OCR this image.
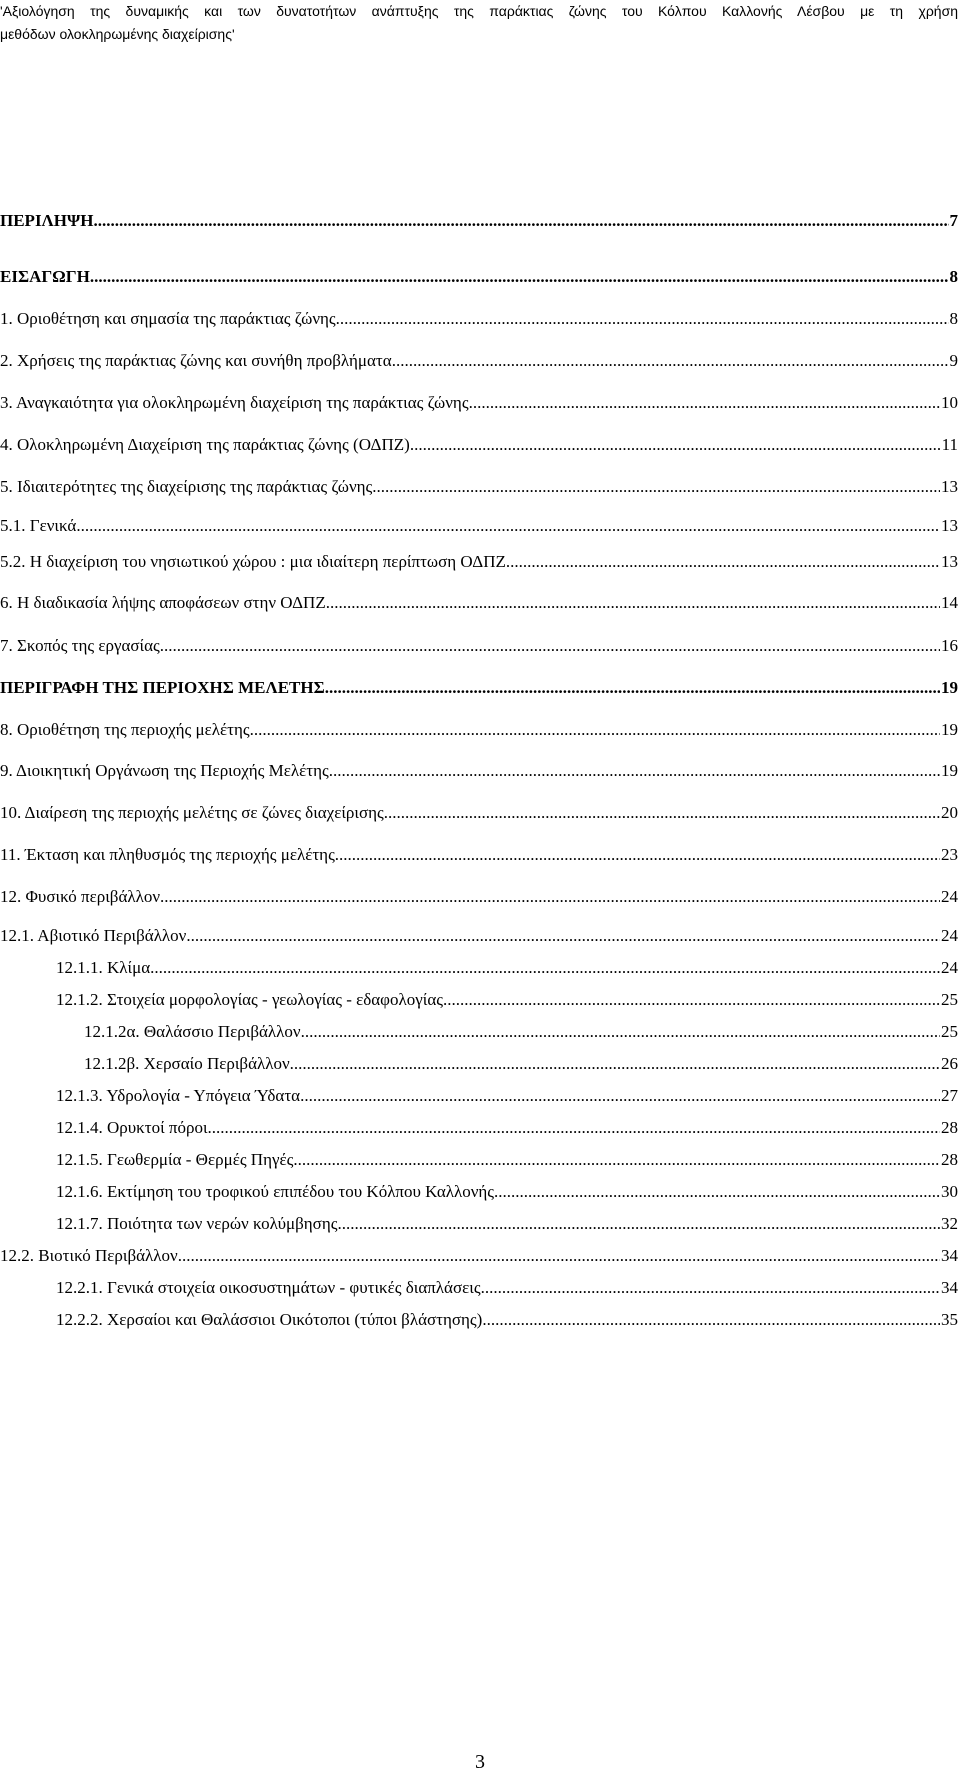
'Αξιολόγηση της δυναμικής και των δυνατοτήτων ανάπτυξης της παράκτιας ζώνης του Κόλπου Καλλονής Λέσβου με τη χρήση
μεθόδων ολοκληρωμένης διαχείρισης'
ΠΕΡΙΛΗΨΗ .....	7
ΕΙΣΑΓΩΓΗ .....	8
1. Οριοθέτηση και σημασία της παράκτιας ζώνης .....	8
2. Χρήσεις της παράκτιας ζώνης και συνήθη προβλήματα .....	9
3. Αναγκαιότητα για ολοκληρωμένη διαχείριση της παράκτιας ζώνης .....	10
4. Ολοκληρωμένη Διαχείριση της παράκτιας ζώνης (ΟΔΠΖ) .....	11
5. Ιδιαιτερότητες της διαχείρισης της παράκτιας ζώνης .....	13
5.1. Γενικά .....	13
5.2. Η διαχείριση του νησιωτικού χώρου : μια ιδιαίτερη περίπτωση ΟΔΠΖ .....	13
6. Η διαδικασία λήψης αποφάσεων στην ΟΔΠΖ .....	14
7. Σκοπός της εργασίας .....	16
ΠΕΡΙΓΡΑΦΗ ΤΗΣ ΠΕΡΙΟΧΗΣ ΜΕΛΕΤΗΣ .....	19
8. Οριοθέτηση της περιοχής μελέτης .....	19
9. Διοικητική Οργάνωση της Περιοχής Μελέτης .....	19
10. Διαίρεση της περιοχής μελέτης σε ζώνες διαχείρισης .....	20
11. Έκταση και πληθυσμός της περιοχής μελέτης .....	23
12. Φυσικό περιβάλλον .....	24
12.1. Αβιοτικό Περιβάλλον .....	24
12.1.1. Κλίμα .....	24
12.1.2. Στοιχεία μορφολογίας - γεωλογίας - εδαφολογίας .....	25
12.1.2α. Θαλάσσιο Περιβάλλον .....	25
12.1.2β. Χερσαίο Περιβάλλον .....	26
12.1.3. Υδρολογία - Υπόγεια Ύδατα .....	27
12.1.4. Ορυκτοί πόροι .....	28
12.1.5. Γεωθερμία - Θερμές Πηγές .....	28
12.1.6. Εκτίμηση του τροφικού επιπέδου του Κόλπου Καλλονής .....	30
12.1.7. Ποιότητα των νερών κολύμβησης .....	32
12.2. Βιοτικό Περιβάλλον .....	34
12.2.1. Γενικά στοιχεία οικοσυστημάτων - φυτικές διαπλάσεις .....	34
12.2.2. Χερσαίοι και Θαλάσσιοι Οικότοποι (τύποι βλάστησης) .....	35
3
